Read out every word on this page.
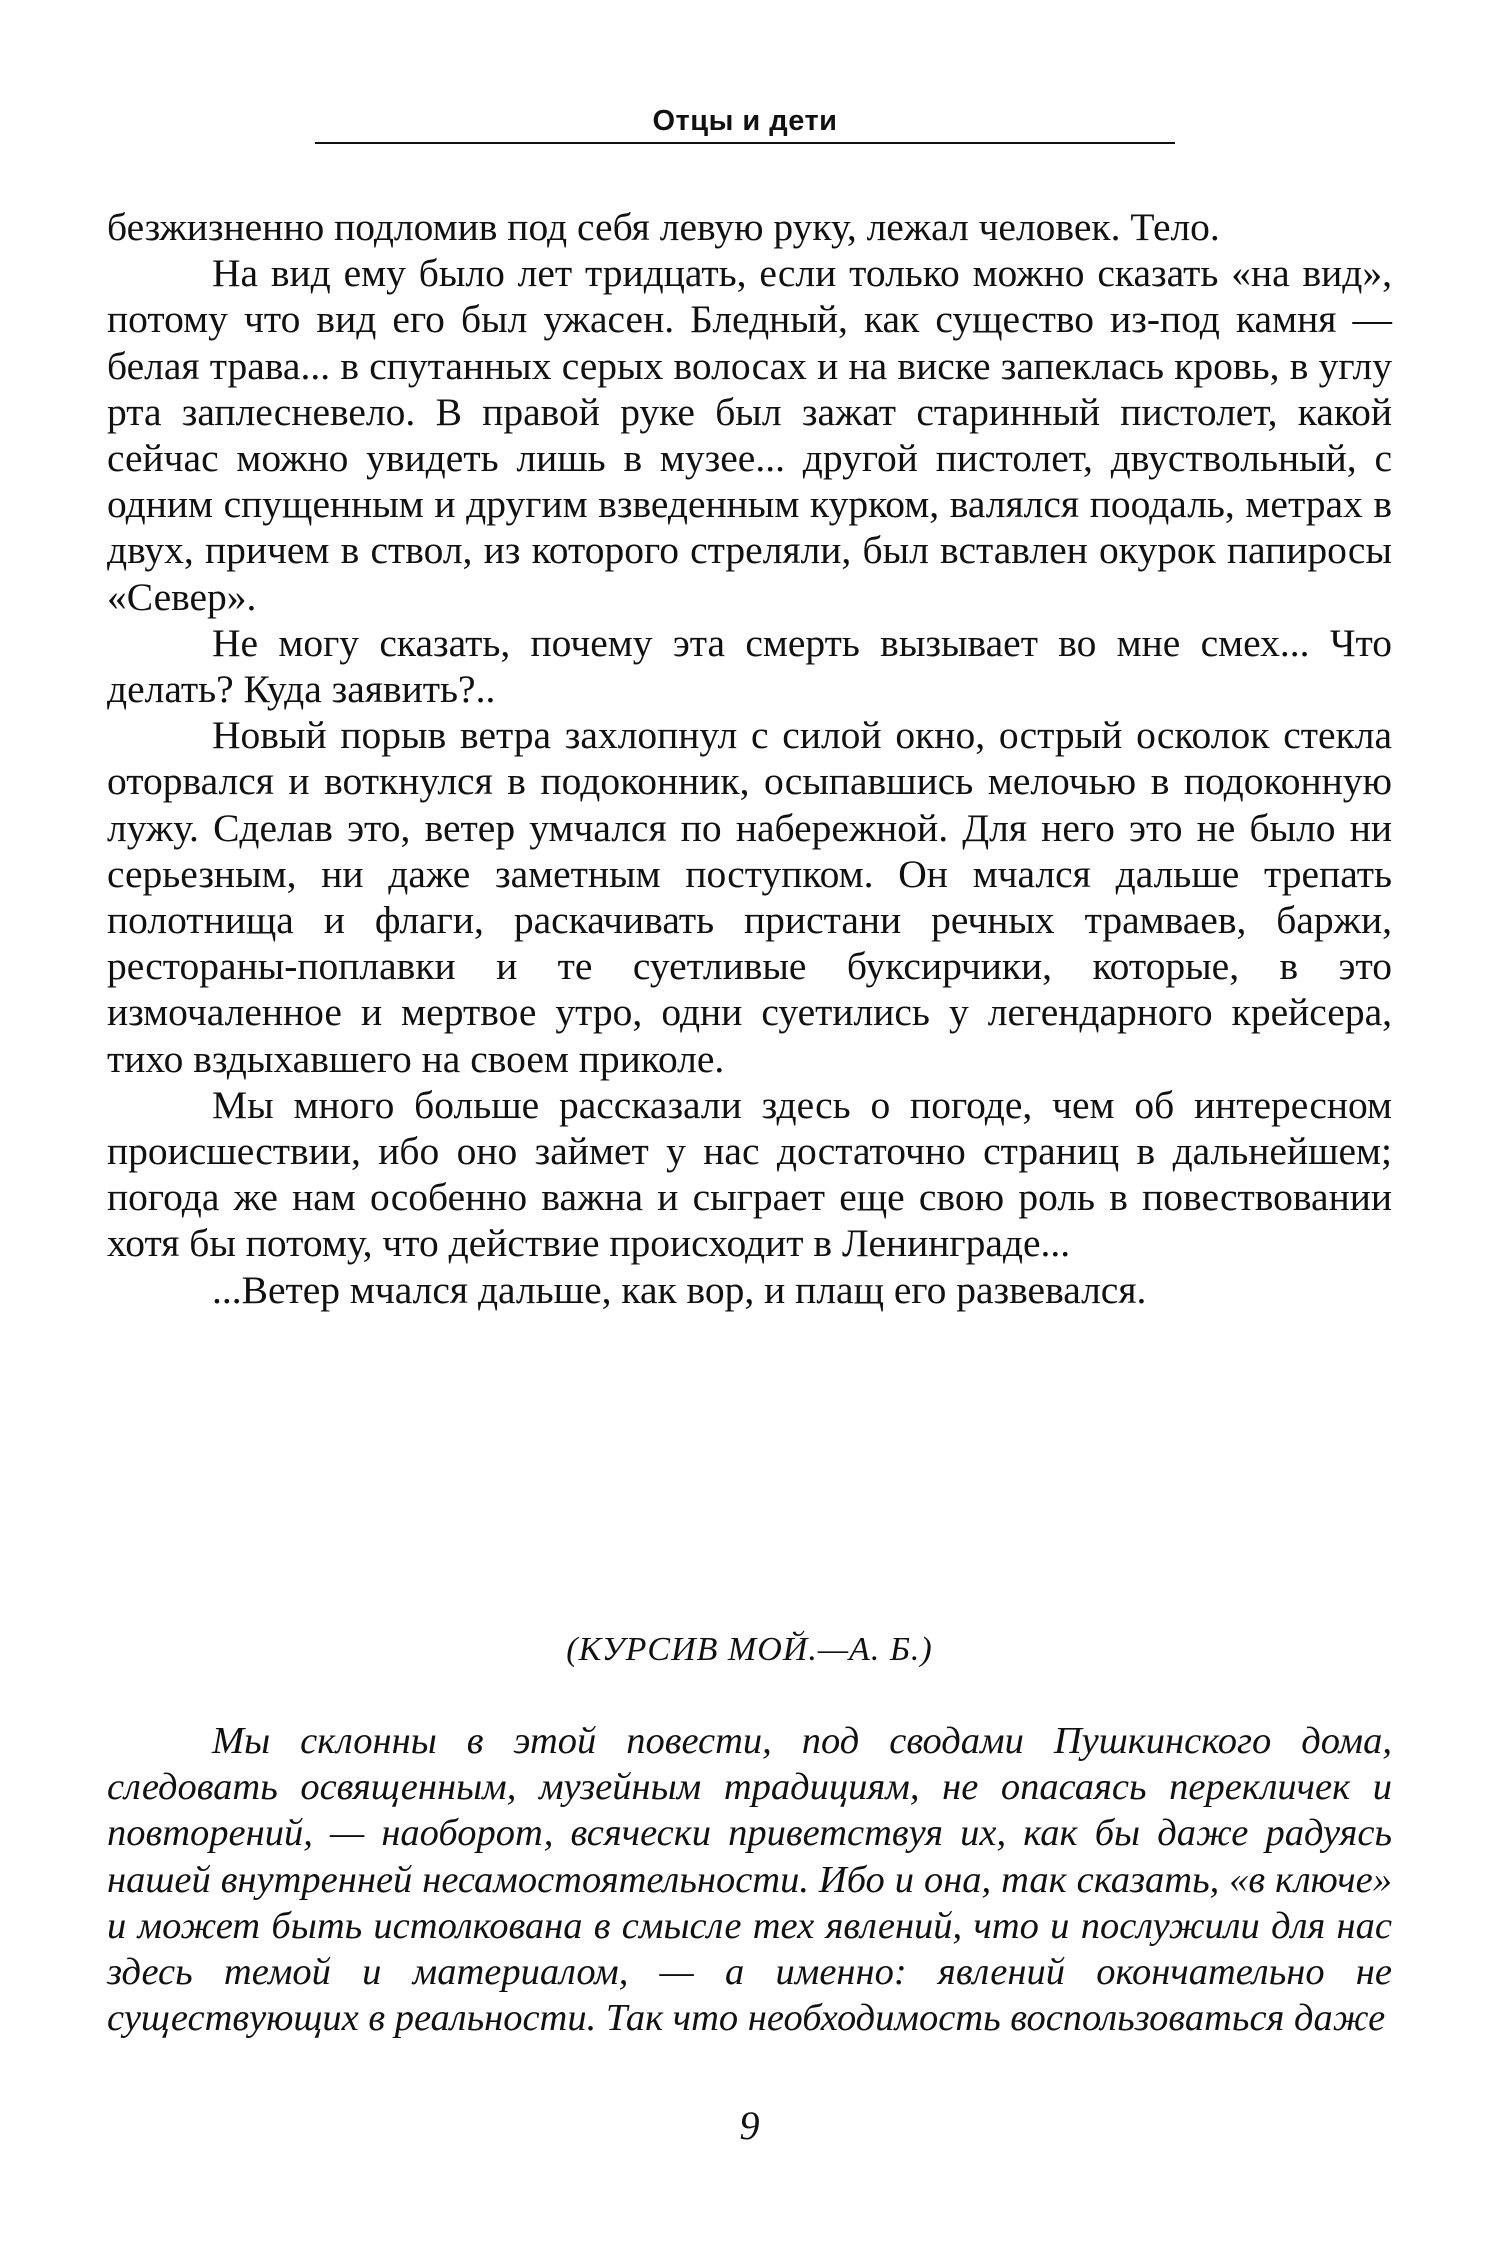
Отцы и дети

безжизненно подломив под себя левую руку, лежал человек. Тело.

На вид ему было лет тридцать, если только можно сказать «на вид», потому что вид его был ужасен. Бледный, как существо из-под камня — белая трава... в спутанных серых волосах и на виске запеклась кровь, в углу рта заплесневело. В правой руке был зажат старинный пистолет, какой сейчас можно увидеть лишь в музее... другой пистолет, двуствольный, с одним спущенным и другим взведенным курком, валялся поодаль, метрах в двух, причем в ствол, из которого стреляли, был вставлен окурок папиросы «Север».

Не могу сказать, почему эта смерть вызывает во мне смех... Что делать? Куда заявить?..

Новый порыв ветра захлопнул с силой окно, острый осколок стекла оторвался и воткнулся в подоконник, осыпавшись мелочью в подоконную лужу. Сделав это, ветер умчался по набережной. Для него это не было ни серьезным, ни даже заметным поступком. Он мчался дальше трепать полотнища и флаги, раскачивать пристани речных трамваев, баржи, рестораны-поплавки и те суетливые буксирчики, которые, в это измочаленное и мертвое утро, одни суетились у легендарного крейсера, тихо вздыхавшего на своем приколе.

Мы много больше рассказали здесь о погоде, чем об интересном происшествии, ибо оно займет у нас достаточно страниц в дальнейшем; погода же нам особенно важна и сыграет еще свою роль в повествовании хотя бы потому, что действие происходит в Ленинграде...

...Ветер мчался дальше, как вор, и плащ его развевался.

(КУРСИВ МОЙ.—А. Б.)

Мы склонны в этой повести, под сводами Пушкинского дома, следовать освященным, музейным традициям, не опасаясь перекличек и повторений, — наоборот, всячески приветствуя их, как бы даже радуясь нашей внутренней несамостоятельности. Ибо и она, так сказать, «в ключе» и может быть истолкована в смысле тех явлений, что и послужили для нас здесь темой и материалом, — а именно: явлений окончательно не существующих в реальности. Так что необходимость воспользоваться даже

9
